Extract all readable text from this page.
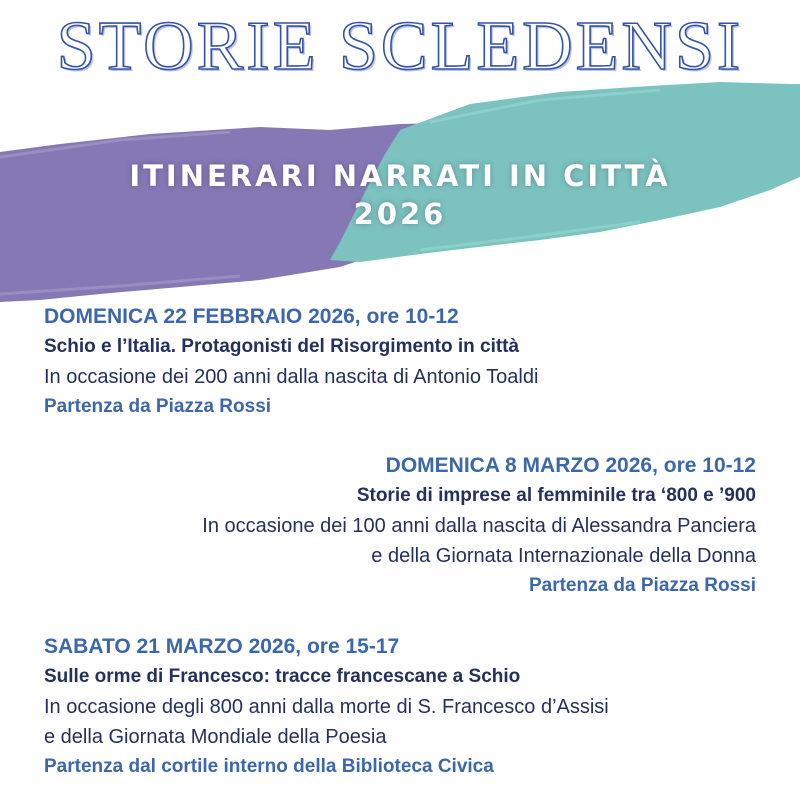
STORIE SCLEDENSI
ITINERARI NARRATI IN CITTÀ
2026
DOMENICA 22 FEBBRAIO 2026, ore 10-12
Schio e l’Italia. Protagonisti del Risorgimento in città
In occasione dei 200 anni dalla nascita di Antonio Toaldi
Partenza da Piazza Rossi
DOMENICA 8 MARZO 2026, ore 10-12
Storie di imprese al femminile tra ‘800 e ’900
In occasione dei 100 anni dalla nascita di Alessandra Panciera
e della Giornata Internazionale della Donna
Partenza da Piazza Rossi
SABATO 21 MARZO 2026, ore 15-17
Sulle orme di Francesco: tracce francescane a Schio
In occasione degli 800 anni dalla morte di S. Francesco d’Assisi
e della Giornata Mondiale della Poesia
Partenza dal cortile interno della Biblioteca Civica
